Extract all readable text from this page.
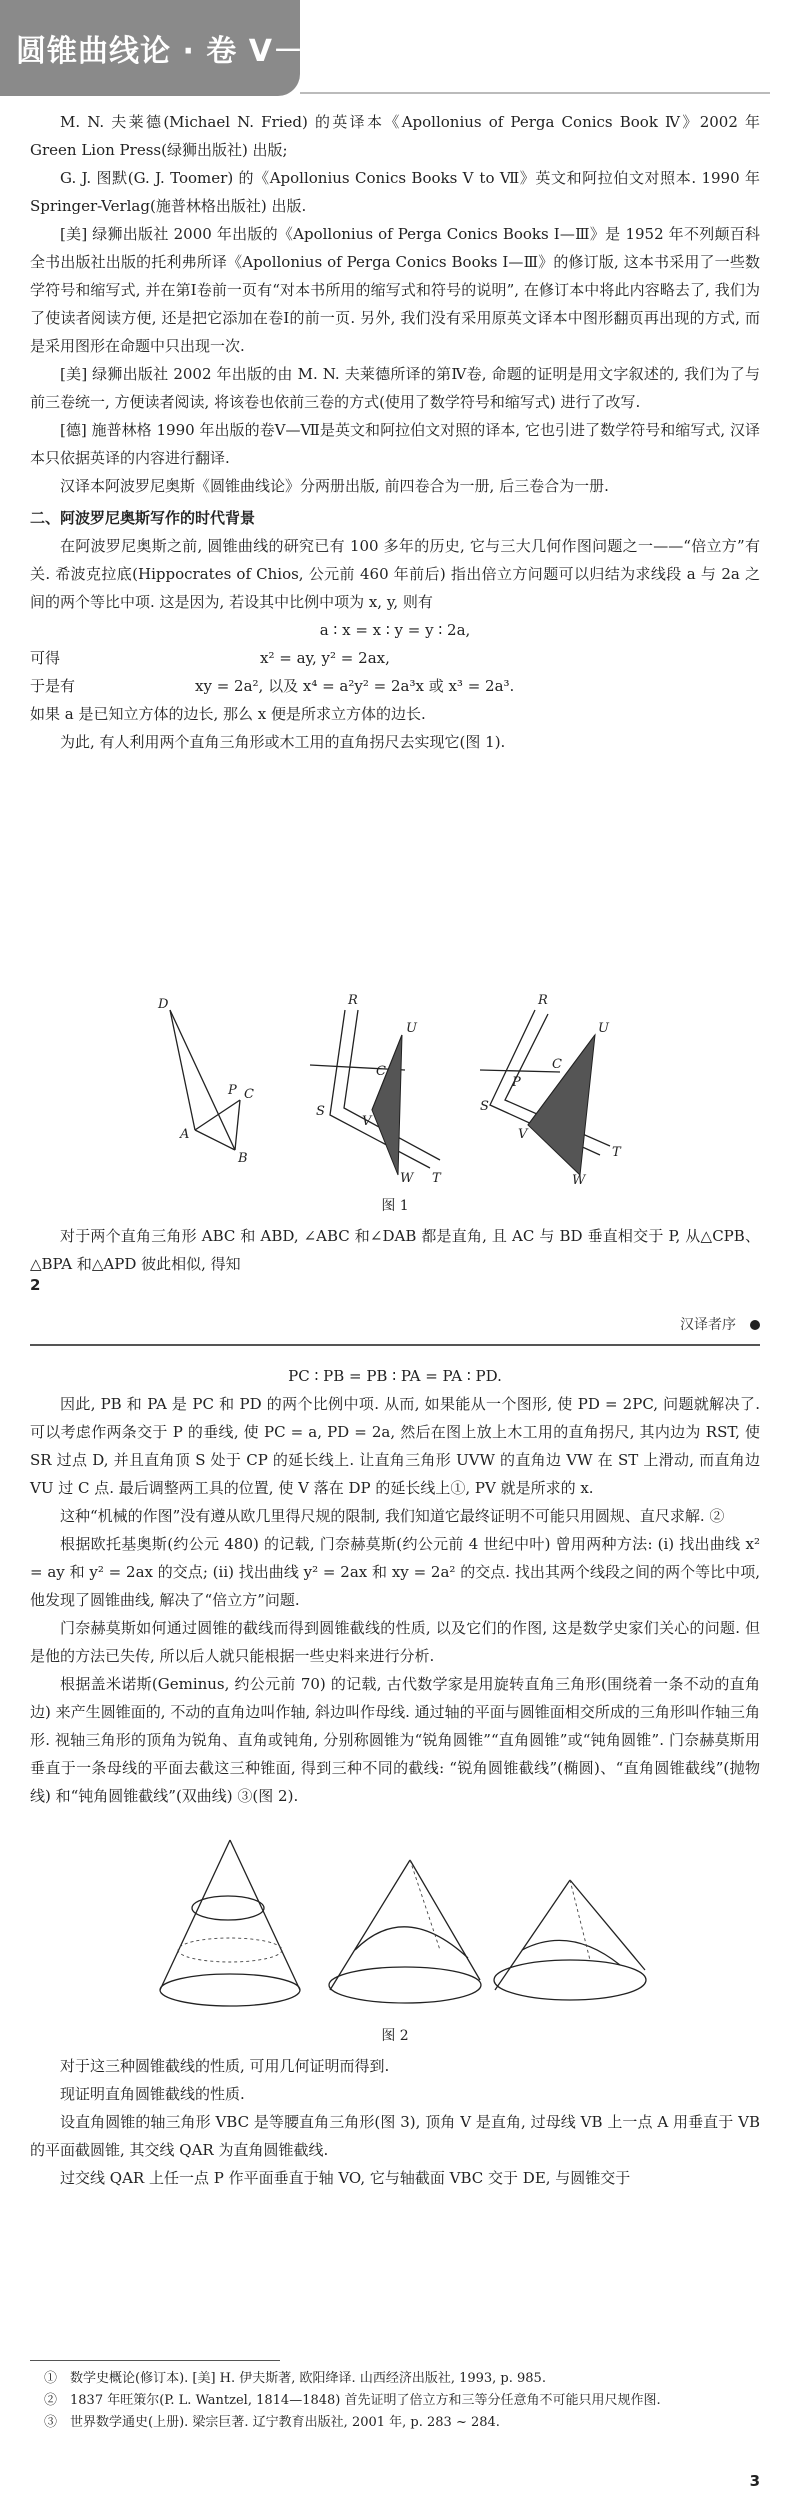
圆锥曲线论 · 卷 Ⅴ－Ⅶ

M. N. 夫莱德(Michael N. Fried) 的英译本《Apollonius of Perga Conics Book Ⅳ》2002 年 Green Lion Press(绿狮出版社) 出版;

G. J. 图默(G. J. Toomer) 的《Apollonius Conics Books Ⅴ to Ⅶ》英文和阿拉伯文对照本. 1990 年 Springer-Verlag(施普林格出版社) 出版.

[美] 绿狮出版社 2000 年出版的《Apollonius of Perga Conics Books Ⅰ—Ⅲ》是 1952 年不列颠百科全书出版社出版的托利弗所译《Apollonius of Perga Conics Books Ⅰ—Ⅲ》的修订版, 这本书采用了一些数学符号和缩写式, 并在第Ⅰ卷前一页有“对本书所用的缩写式和符号的说明”, 在修订本中将此内容略去了, 我们为了使读者阅读方便, 还是把它添加在卷Ⅰ的前一页. 另外, 我们没有采用原英文译本中图形翻页再出现的方式, 而是采用图形在命题中只出现一次.

[美] 绿狮出版社 2002 年出版的由 M. N. 夫莱德所译的第Ⅳ卷, 命题的证明是用文字叙述的, 我们为了与前三卷统一, 方便读者阅读, 将该卷也依前三卷的方式(使用了数学符号和缩写式) 进行了改写.

[德] 施普林格 1990 年出版的卷Ⅴ—Ⅶ是英文和阿拉伯文对照的译本, 它也引进了数学符号和缩写式, 汉译本只依据英译的内容进行翻译.

汉译本阿波罗尼奥斯《圆锥曲线论》分两册出版, 前四卷合为一册, 后三卷合为一册.

二、阿波罗尼奥斯写作的时代背景

在阿波罗尼奥斯之前, 圆锥曲线的研究已有 100 多年的历史, 它与三大几何作图问题之一——“倍立方”有关. 希波克拉底(Hippocrates of Chios, 公元前 460 年前后) 指出倍立方问题可以归结为求线段 a 与 2a 之间的两个等比中项. 这是因为, 若设其中比例中项为 x, y, 则有

a ∶ x = x ∶ y = y ∶ 2a,

可得	x² = ay, y² = 2ax,

于是有	xy = 2a², 以及 x⁴ = a²y² = 2a³x 或 x³ = 2a³.

如果 a 是已知立方体的边长, 那么 x 便是所求立方体的边长.

为此, 有人利用两个直角三角形或木工用的直角拐尺去实现它(图 1).

D
P C
A
B
R
S
V
U
C
W T
R
S
U
C
P
V
W
T
图 1

对于两个直角三角形 ABC 和 ABD, ∠ABC 和∠DAB 都是直角, 且 AC 与 BD 垂直相交于 P, 从△CPB、△BPA 和△APD 彼此相似, 得知

2
汉译者序

PC ∶ PB = PB ∶ PA = PA ∶ PD.

因此, PB 和 PA 是 PC 和 PD 的两个比例中项. 从而, 如果能从一个图形, 使 PD = 2PC, 问题就解决了. 可以考虑作两条交于 P 的垂线, 使 PC = a, PD = 2a, 然后在图上放上木工用的直角拐尺, 其内边为 RST, 使 SR 过点 D, 并且直角顶 S 处于 CP 的延长线上. 让直角三角形 UVW 的直角边 VW 在 ST 上滑动, 而直角边 VU 过 C 点. 最后调整两工具的位置, 使 V 落在 DP 的延长线上①, PV 就是所求的 x.

这种“机械的作图”没有遵从欧几里得尺规的限制, 我们知道它最终证明不可能只用圆规、直尺求解. ②

根据欧托基奥斯(约公元 480) 的记载, 门奈赫莫斯(约公元前 4 世纪中叶) 曾用两种方法: (i) 找出曲线 x² = ay 和 y² = 2ax 的交点; (ii) 找出曲线 y² = 2ax 和 xy = 2a² 的交点. 找出其两个线段之间的两个等比中项, 他发现了圆锥曲线, 解决了“倍立方”问题.

门奈赫莫斯如何通过圆锥的截线而得到圆锥截线的性质, 以及它们的作图, 这是数学史家们关心的问题. 但是他的方法已失传, 所以后人就只能根据一些史料来进行分析.

根据盖米诺斯(Geminus, 约公元前 70) 的记载, 古代数学家是用旋转直角三角形(围绕着一条不动的直角边) 来产生圆锥面的, 不动的直角边叫作轴, 斜边叫作母线. 通过轴的平面与圆锥面相交所成的三角形叫作轴三角形. 视轴三角形的顶角为锐角、直角或钝角, 分别称圆锥为“锐角圆锥”“直角圆锥”或“钝角圆锥”. 门奈赫莫斯用垂直于一条母线的平面去截这三种锥面, 得到三种不同的截线: “锐角圆锥截线”(椭圆)、“直角圆锥截线”(抛物线) 和“钝角圆锥截线”(双曲线) ③(图 2).

图 2

对于这三种圆锥截线的性质, 可用几何证明而得到.

现证明直角圆锥截线的性质.

设直角圆锥的轴三角形 VBC 是等腰直角三角形(图 3), 顶角 V 是直角, 过母线 VB 上一点 A 用垂直于 VB 的平面截圆锥, 其交线 QAR 为直角圆锥截线.

过交线 QAR 上任一点 P 作平面垂直于轴 VO, 它与轴截面 VBC 交于 DE, 与圆锥交于

①　数学史概论(修订本). [美] H. 伊夫斯著, 欧阳绛译. 山西经济出版社, 1993, p. 985.

②　1837 年旺策尔(P. L. Wantzel, 1814—1848) 首先证明了倍立方和三等分任意角不可能只用尺规作图.

③　世界数学通史(上册). 梁宗巨著. 辽宁教育出版社, 2001 年, p. 283 ~ 284.

3
